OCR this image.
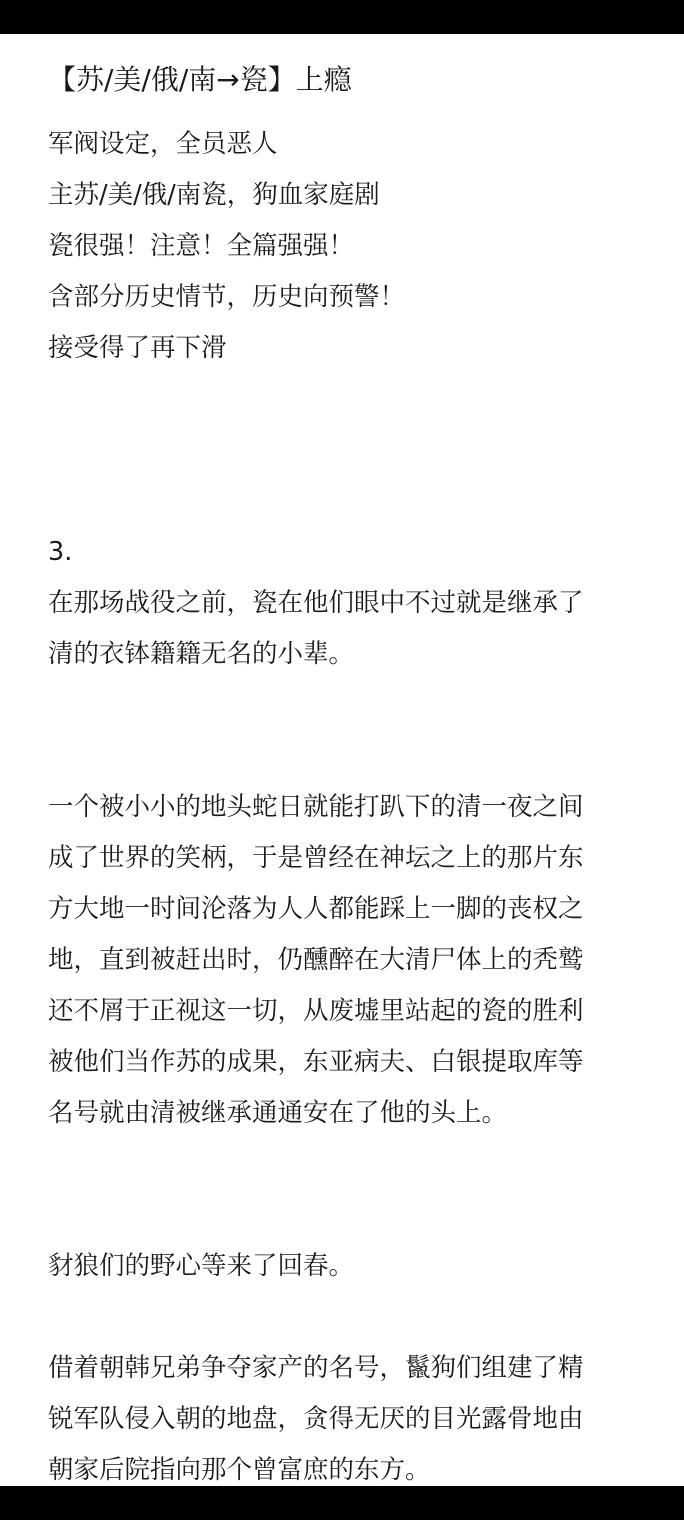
【苏/美/俄/南→瓷】上瘾
军阀设定，全员恶人
主苏/美/俄/南瓷，狗血家庭剧
瓷很强！注意！全篇强强！
含部分历史情节，历史向预警！
接受得了再下滑
3.
在那场战役之前，瓷在他们眼中不过就是继承了
清的衣钵籍籍无名的小辈。
一个被小小的地头蛇日就能打趴下的清一夜之间
成了世界的笑柄，于是曾经在神坛之上的那片东
方大地一时间沦落为人人都能踩上一脚的丧权之
地，直到被赶出时，仍醺醉在大清尸体上的秃鹫
还不屑于正视这一切，从废墟里站起的瓷的胜利
被他们当作苏的成果，东亚病夫、白银提取库等
名号就由清被继承通通安在了他的头上。
豺狼们的野心等来了回春。
借着朝韩兄弟争夺家产的名号，鬣狗们组建了精
锐军队侵入朝的地盘，贪得无厌的目光露骨地由
朝家后院指向那个曾富庶的东方。
